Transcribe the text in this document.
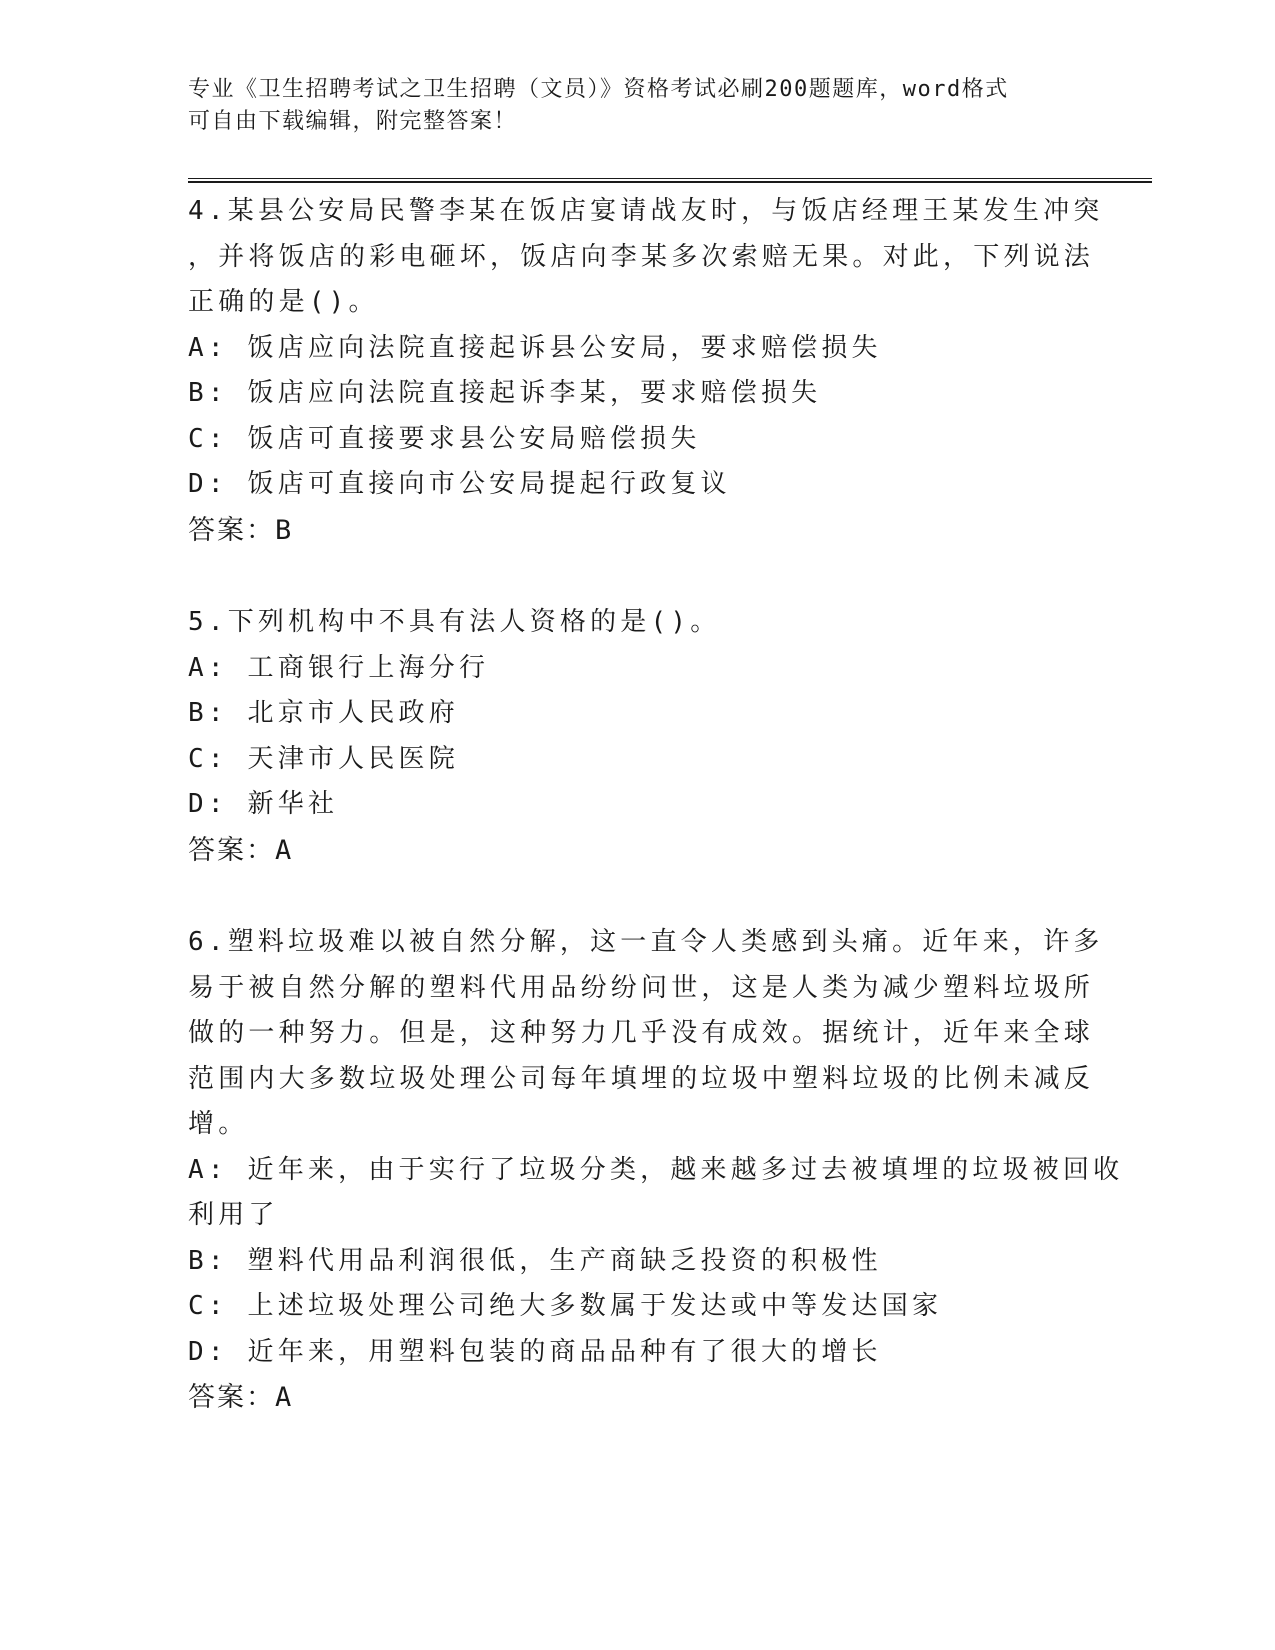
专业《卫生招聘考试之卫生招聘（文员）》资格考试必刷200题题库，word格式
可自由下载编辑，附完整答案！
4.某县公安局民警李某在饭店宴请战友时，与饭店经理王某发生冲突
，并将饭店的彩电砸坏，饭店向李某多次索赔无果。对此，下列说法
正确的是()。
A: 饭店应向法院直接起诉县公安局，要求赔偿损失
B: 饭店应向法院直接起诉李某，要求赔偿损失
C: 饭店可直接要求县公安局赔偿损失
D: 饭店可直接向市公安局提起行政复议
答案：B
5.下列机构中不具有法人资格的是()。
A: 工商银行上海分行
B: 北京市人民政府
C: 天津市人民医院
D: 新华社
答案：A
6.塑料垃圾难以被自然分解，这一直令人类感到头痛。近年来，许多
易于被自然分解的塑料代用品纷纷问世，这是人类为减少塑料垃圾所
做的一种努力。但是，这种努力几乎没有成效。据统计，近年来全球
范围内大多数垃圾处理公司每年填埋的垃圾中塑料垃圾的比例未减反
增。
A: 近年来，由于实行了垃圾分类，越来越多过去被填埋的垃圾被回收
利用了
B: 塑料代用品利润很低，生产商缺乏投资的积极性
C: 上述垃圾处理公司绝大多数属于发达或中等发达国家
D: 近年来，用塑料包装的商品品种有了很大的增长
答案：A
